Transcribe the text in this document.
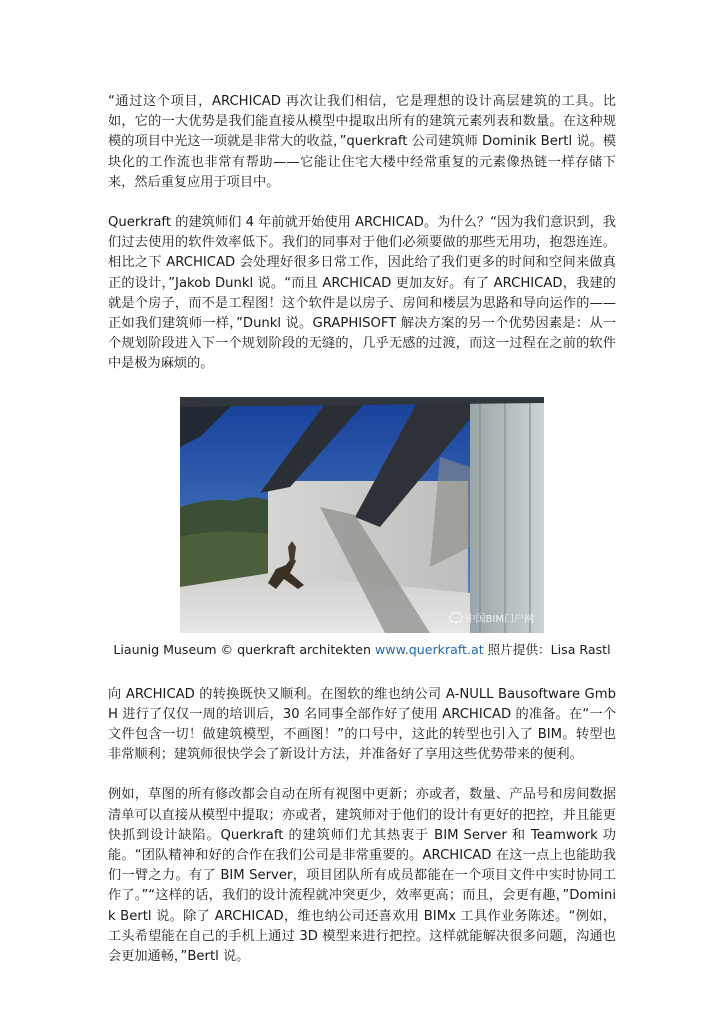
“通过这个项目，ARCHICAD 再次让我们相信，它是理想的设计高层建筑的工具。比如，它的一大优势是我们能直接从模型中提取出所有的建筑元素列表和数量。在这种规模的项目中光这一项就是非常大的收益，”querkraft 公司建筑师 Dominik Bertl 说。模块化的工作流也非常有帮助——它能让住宅大楼中经常重复的元素像热链一样存储下来，然后重复应用于项目中。

Querkraft 的建筑师们 4 年前就开始使用 ARCHICAD。为什么？“因为我们意识到，我们过去使用的软件效率低下。我们的同事对于他们必须要做的那些无用功，抱怨连连。相比之下 ARCHICAD 会处理好很多日常工作，因此给了我们更多的时间和空间来做真正的设计，”Jakob Dunkl 说。“而且 ARCHICAD 更加友好。有了 ARCHICAD，我建的就是个房子，而不是工程图！这个软件是以房子、房间和楼层为思路和导向运作的——正如我们建筑师一样，”Dunkl 说。GRAPHISOFT 解决方案的另一个优势因素是：从一个规划阶段进入下一个规划阶段的无缝的，几乎无感的过渡，而这一过程在之前的软件中是极为麻烦的。

中国BIM门户网

Liaunig Museum © querkraft architekten www.querkraft.at 照片提供：Lisa Rastl

向 ARCHICAD 的转换既快又顺利。在图软的维也纳公司 A-NULL Bausoftware GmbH 进行了仅仅一周的培训后，30 名同事全部作好了使用 ARCHICAD 的准备。在“一个文件包含一切！做建筑模型，不画图！”的口号中，这此的转型也引入了 BIM。转型也非常顺利；建筑师很快学会了新设计方法，并准备好了享用这些优势带来的便利。

例如，草图的所有修改都会自动在所有视图中更新；亦或者，数量、产品号和房间数据清单可以直接从模型中提取；亦或者，建筑师对于他们的设计有更好的把控，并且能更快抓到设计缺陷。Querkraft 的建筑师们尤其热衷于 BIM Server 和 Teamwork 功能。“团队精神和好的合作在我们公司是非常重要的。ARCHICAD 在这一点上也能助我们一臂之力。有了 BIM Server，项目团队所有成员都能在一个项目文件中实时协同工作了。”“这样的话，我们的设计流程就冲突更少，效率更高；而且，会更有趣，”Dominik Bertl 说。除了 ARCHICAD，维也纳公司还喜欢用 BIMx 工具作业务陈述。“例如，工头希望能在自己的手机上通过 3D 模型来进行把控。这样就能解决很多问题，沟通也会更加通畅，”Bertl 说。
